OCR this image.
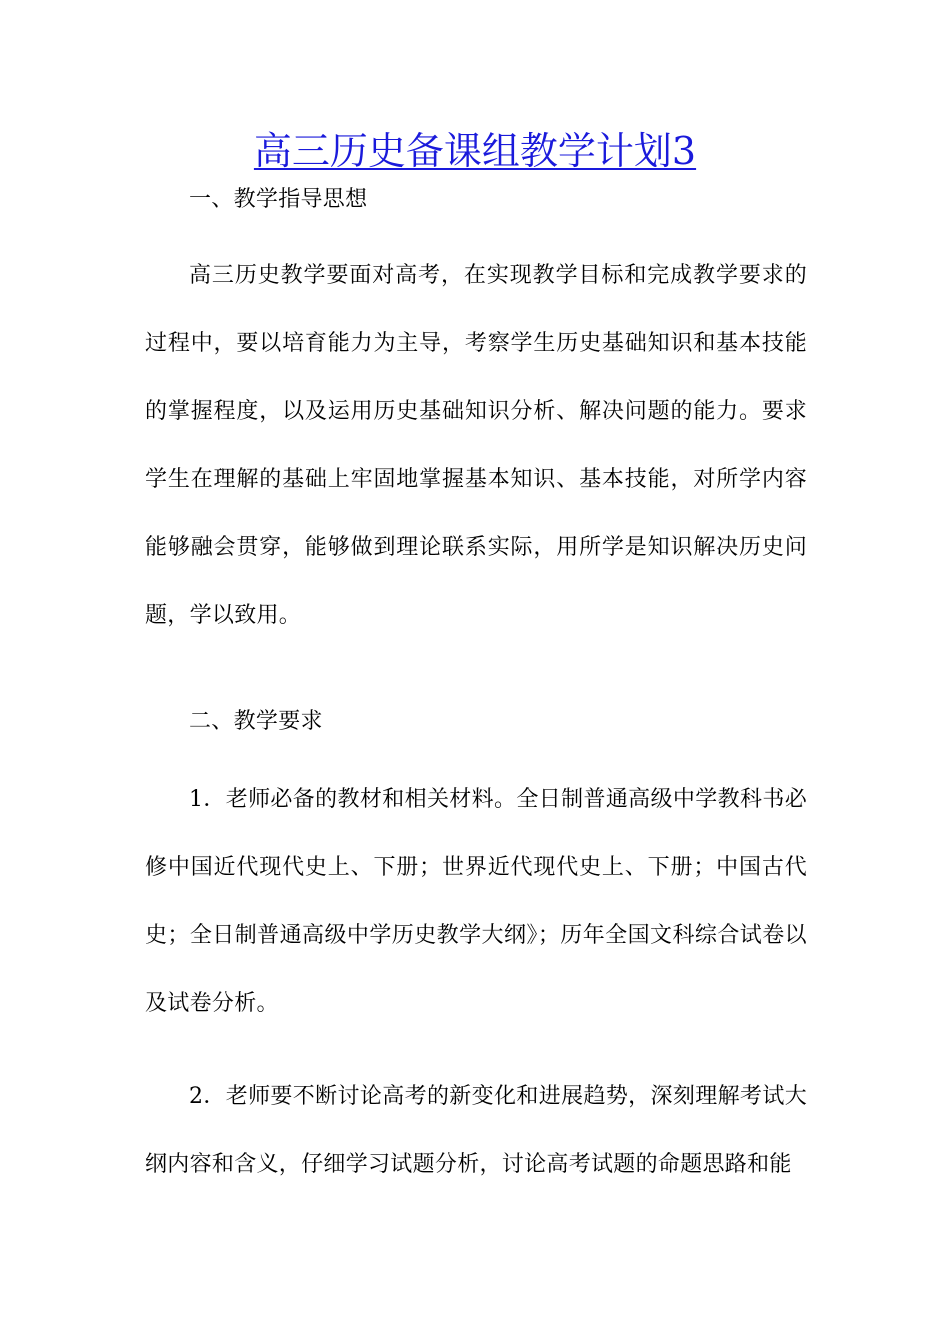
高三历史备课组教学计划3

一、教学指导思想

高三历史教学要面对高考，在实现教学目标和完成教学要求的过程中，要以培育能力为主导，考察学生历史基础知识和基本技能的掌握程度，以及运用历史基础知识分析、解决问题的能力。要求学生在理解的基础上牢固地掌握基本知识、基本技能，对所学内容能够融会贯穿，能够做到理论联系实际，用所学是知识解决历史问题，学以致用。

二、教学要求

1．老师必备的教材和相关材料。全日制普通高级中学教科书必修中国近代现代史上、下册；世界近代现代史上、下册；中国古代史；全日制普通高级中学历史教学大纲》；历年全国文科综合试卷以及试卷分析。

2．老师要不断讨论高考的新变化和进展趋势，深刻理解考试大纲内容和含义，仔细学习试题分析，讨论高考试题的命题思路和能
